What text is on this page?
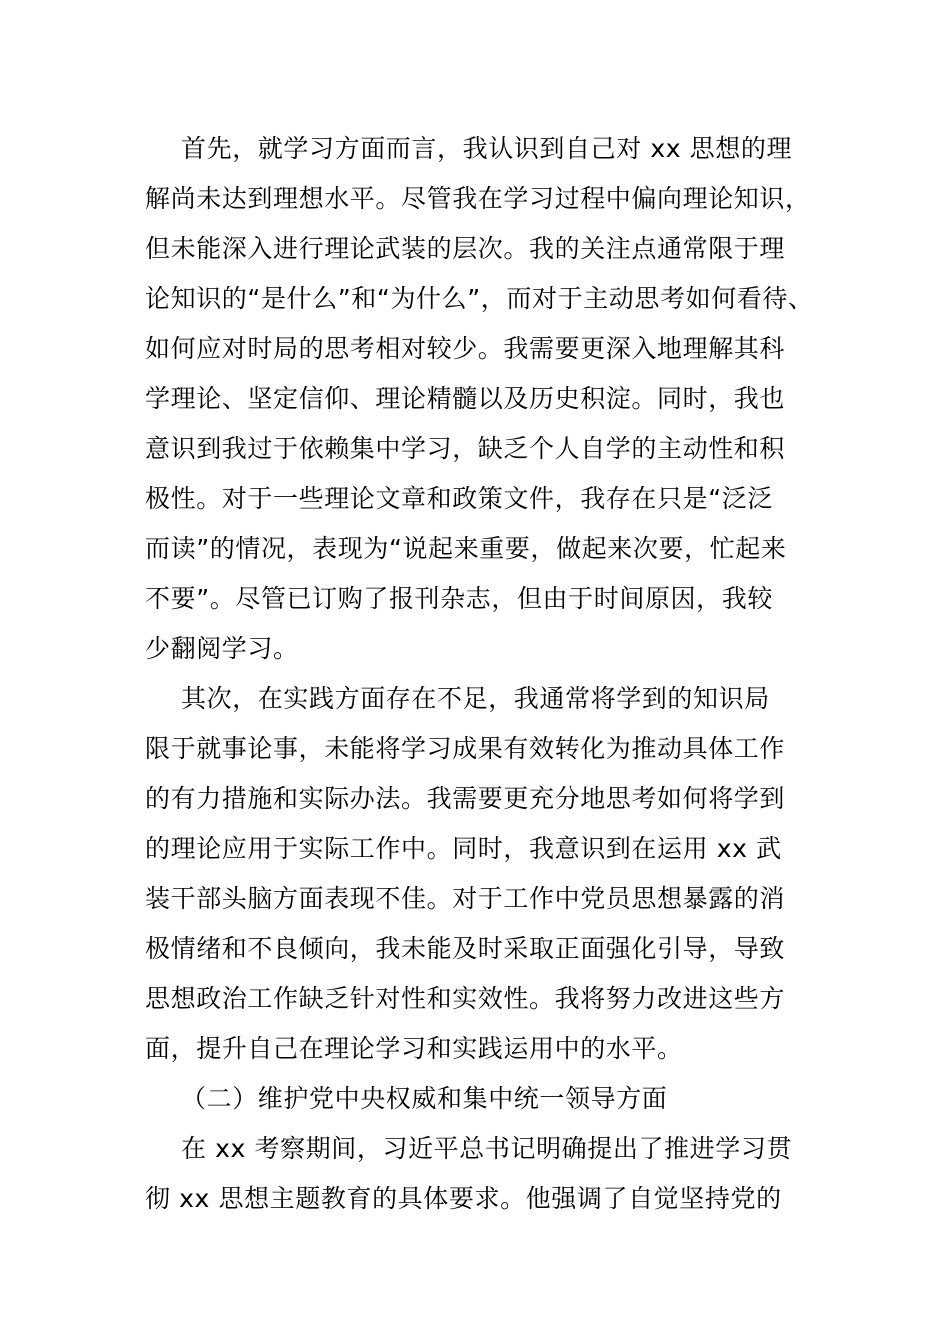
首先，就学习方面而言，我认识到自己对 xx 思想的理
解尚未达到理想水平。尽管我在学习过程中偏向理论知识，
但未能深入进行理论武装的层次。我的关注点通常限于理
论知识的“是什么”和“为什么”，而对于主动思考如何看待、
如何应对时局的思考相对较少。我需要更深入地理解其科
学理论、坚定信仰、理论精髓以及历史积淀。同时，我也
意识到我过于依赖集中学习，缺乏个人自学的主动性和积
极性。对于一些理论文章和政策文件，我存在只是“泛泛
而读”的情况，表现为“说起来重要，做起来次要，忙起来
不要”。尽管已订购了报刊杂志，但由于时间原因，我较
少翻阅学习。
其次，在实践方面存在不足，我通常将学到的知识局
限于就事论事，未能将学习成果有效转化为推动具体工作
的有力措施和实际办法。我需要更充分地思考如何将学到
的理论应用于实际工作中。同时，我意识到在运用 xx 武
装干部头脑方面表现不佳。对于工作中党员思想暴露的消
极情绪和不良倾向，我未能及时采取正面强化引导，导致
思想政治工作缺乏针对性和实效性。我将努力改进这些方
面，提升自己在理论学习和实践运用中的水平。
（二）维护党中央权威和集中统一领导方面
在 xx 考察期间，习近平总书记明确提出了推进学习贯
彻 xx 思想主题教育的具体要求。他强调了自觉坚持党的
